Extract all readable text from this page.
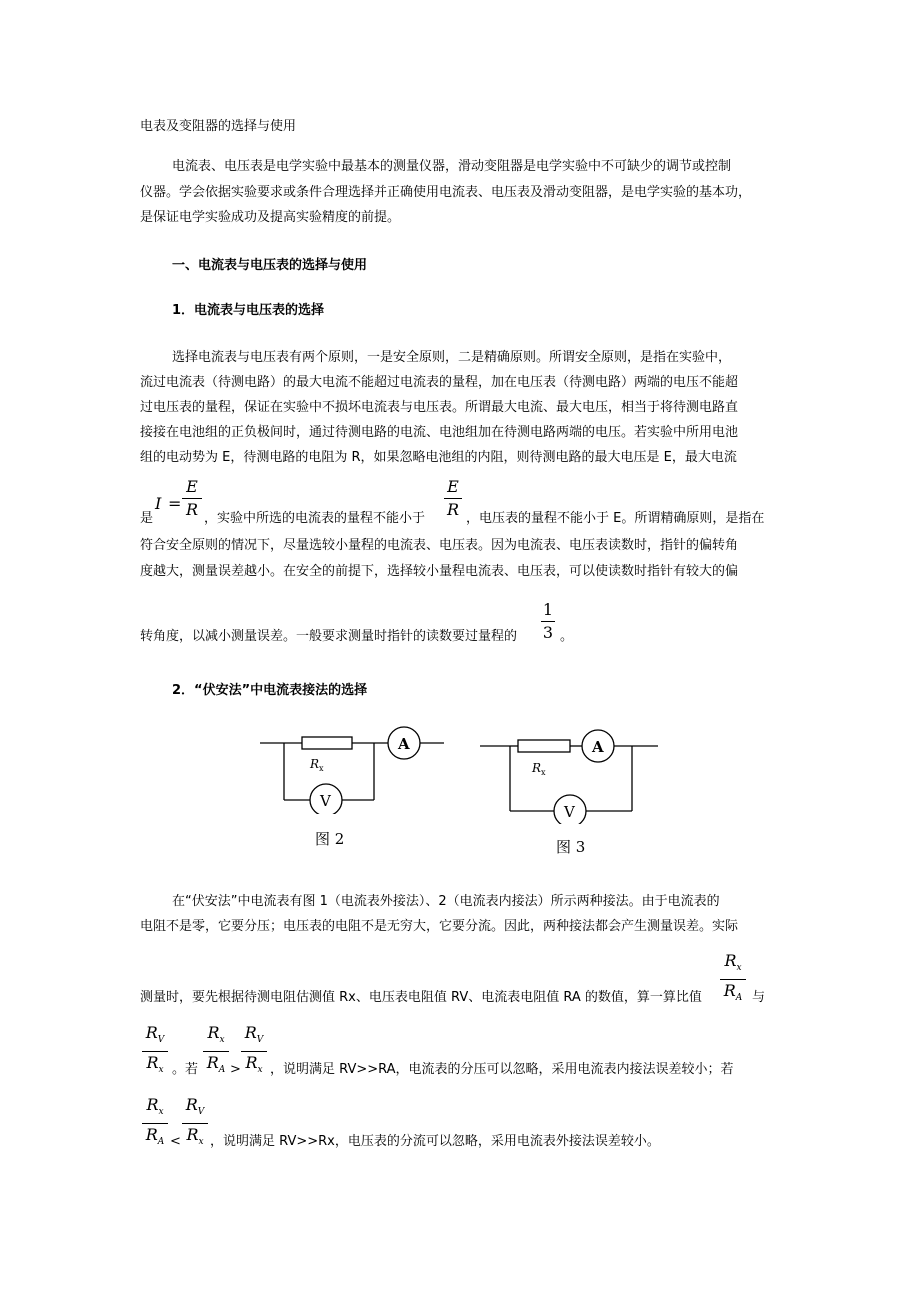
电表及变阻器的选择与使用
电流表、电压表是电学实验中最基本的测量仪器，滑动变阻器是电学实验中不可缺少的调节或控制
仪器。学会依据实验要求或条件合理选择并正确使用电流表、电压表及滑动变阻器，是电学实验的基本功，
是保证电学实验成功及提高实验精度的前提。
一、电流表与电压表的选择与使用
1．电流表与电压表的选择
选择电流表与电压表有两个原则，一是安全原则，二是精确原则。所谓安全原则，是指在实验中，
流过电流表（待测电路）的最大电流不能超过电流表的量程，加在电压表（待测电路）两端的电压不能超
过电压表的量程，保证在实验中不损坏电流表与电压表。所谓最大电流、最大电压，相当于将待测电路直
接接在电池组的正负极间时，通过待测电路的电流、电池组加在待测电路两端的电压。若实验中所用电池
组的电动势为 E，待测电路的电阻为 R，如果忽略电池组的内阻，则待测电路的最大电压是 E，最大电流
是
I =
E
R ，实验中所选的电流表的量程不能小于
E
R ，电压表的量程不能小于 E。所谓精确原则，是指在
符合安全原则的情况下，尽量选较小量程的电流表、电压表。因为电流表、电压表读数时，指针的偏转角
度越大，测量误差越小。在安全的前提下，选择较小量程电流表、电压表，可以使读数时指针有较大的偏
转角度，以减小测量误差。一般要求测量时指针的读数要过量程的
1
3 。
2．“伏安法”中电流表接法的选择
A
V
R x
图 2
A
V
R x
图 3
在“伏安法”中电流表有图 1（电流表外接法）、2（电流表内接法）所示两种接法。由于电流表的
电阻不是零，它要分压；电压表的电阻不是无穷大，它要分流。因此，两种接法都会产生测量误差。实际
测量时，要先根据待测电阻估测值 Rx、电压表电阻值 RV、电流表电阻值 RA 的数值，算一算比值
$R_x$
$R_A$ 与
$R_V$
$R_x$ 。若
$R_x$
$R_A$ >
$R_V$
$R_x$ ，说明满足 RV>>RA，电流表的分压可以忽略，采用电流表内接法误差较小；若
$R_x$
$R_A$ <
$R_V$
$R_x$ ，说明满足 RV>>Rx，电压表的分流可以忽略，采用电流表外接法误差较小。
